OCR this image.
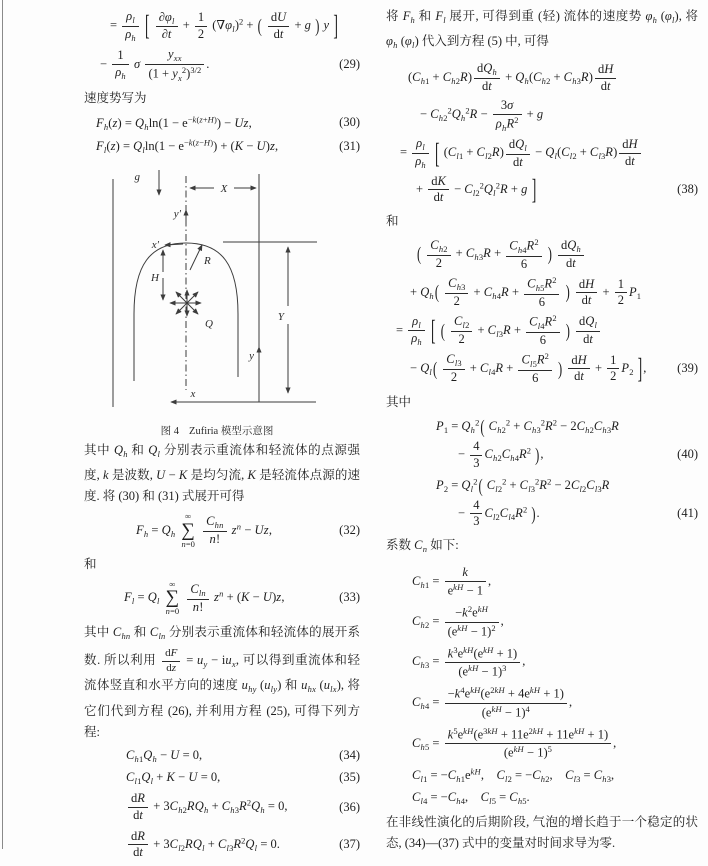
= $\frac{\rho_l}{\rho_h}$ [ $\frac{\partial\varphi_l}{\partial t} + \frac{1}{2} (\nabla\varphi_l)^2$ + ( $\frac{dU}{dt} + g$ ) y ]
− $\frac{1}{\rho_h}$ σ $\frac{y_{xx}}{(1 + y_x^2)^{3/2}}$ .	(29)
速度势写为
$F_h(z) = Q_h\ln(1 - e^{-k(z+H)}) - Uz$,	(30)
$F_l(z) = Q_l\ln(1 - e^{-k(z-H)}) + (K - U)z$,	(31)
g
X
y′
x′
R
H
Q
Y
y
x
图 4 Zufiria 模型示意图
其中 $Q_h$ 和 $Q_l$ 分别表示重流体和轻流体的点源强度, k 是波数, U − K 是均匀流, K 是轻流体点源的速度. 将 (30) 和 (31) 式展开可得
$F_h = Q_h$
∞
∑
n=0
$\frac{C_{hn}}{n!} z^n - Uz$,	(32)
和
$F_l = Q_l$
∞
∑
n=0
$\frac{C_{ln}}{n!} z^n + (K - U)z$,	(33)
其中 $C_{hn}$ 和 $C_{ln}$ 分别表示重流体和轻流体的展开系数. 所以利用 $\frac{dF}{dz} = u_y - iu_x$, 可以得到重流体和轻流体竖直和水平方向的速度 $u_{hy}$ $(u_{ly})$ 和 $u_{hx}$ $(u_{lx})$, 将它们代到方程 (26), 并利用方程 (25), 可得下列方程:
$C_{h1}Q_h - U = 0$,	(34)
$C_{l1}Q_l + K - U = 0$,	(35)
$\frac{dR}{dt} + 3C_{h2}RQ_h + C_{h3}R^2Q_h = 0$,	(36)
$\frac{dR}{dt} + 3C_{l2}RQ_l + C_{l3}R^2Q_l = 0$.	(37)
将 $F_h$ 和 $F_l$ 展开, 可得到重 (轻) 流体的速度势 $\varphi_h$ $(\varphi_l)$, 将 $\varphi_h$ $(\varphi_l)$ 代入到方程 (5) 中, 可得
$(C_{h1} + C_{h2}R) \frac{dQ_h}{dt} + Q_h(C_{h2} + C_{h3}R) \frac{dH}{dt}$
− $C_{h2}^2Q_h^2R - \frac{3\sigma}{\rho_hR^2} + g$
= $\frac{\rho_l}{\rho_h}$ [ $(C_{l1} + C_{l2}R) \frac{dQ_l}{dt} - Q_l(C_{l2} + C_{l3}R) \frac{dH}{dt}$
+ $\frac{dK}{dt} - C_{l2}^2Q_l^2R + g$ ]	(38)
和
( $\frac{C_{h2}}{2} + C_{h3}R + \frac{C_{h4}R^2}{6}$ ) $\frac{dQ_h}{dt}$
+ $Q_h( \frac{C_{h3}}{2} + C_{h4}R + \frac{C_{h5}R^2}{6}$ ) $\frac{dH}{dt} + \frac{1}{2} P_1$
= $\frac{\rho_l}{\rho_h}$ [ ( $\frac{C_{l2}}{2} + C_{l3}R + \frac{C_{l4}R^2}{6}$ ) $\frac{dQ_l}{dt}$
− $Q_l( \frac{C_{l3}}{2} + C_{l4}R + \frac{C_{l5}R^2}{6}$ ) $\frac{dH}{dt} + \frac{1}{2} P_2$ ], (39)
其中
$P_1 = Q_h^2$( $C_{h2}^2 + C_{h3}^2R^2 - 2C_{h2}C_{h3}R$
− $\frac{4}{3} C_{h2}C_{h4}R^2$ ),	(40)
$P_2 = Q_l^2$( $C_{l2}^2 + C_{l3}^2R^2 - 2C_{l2}C_{l3}R$
− $\frac{4}{3} C_{l2}C_{l4}R^2$ ).	(41)
系数 $C_n$ 如下:
$C_{h1} = \frac{k}{e^{kH} - 1}$ ,
$C_{h2} = \frac{-k^2e^{kH}}{(e^{kH} - 1)^2}$ ,
$C_{h3} = \frac{k^3e^{kH}(e^{kH} + 1)}{(e^{kH} - 1)^3}$ ,
$C_{h4} = \frac{-k^4e^{kH}(e^{2kH} + 4e^{kH} + 1)}{(e^{kH} - 1)^4}$ ,
$C_{h5} = \frac{k^5e^{kH}(e^{3kH} + 11e^{2kH} + 11e^{kH} + 1)}{(e^{kH} - 1)^5}$ ,
$C_{l1} = -C_{h1}e^{kH}$, $C_{l2} = -C_{h2}$, $C_{l3} = C_{h3}$,
$C_{l4} = -C_{h4}$, $C_{l5} = C_{h5}$.
在非线性演化的后期阶段, 气泡的增长趋于一个稳定的状态, (34)—(37) 式中的变量对时间求导为零.
